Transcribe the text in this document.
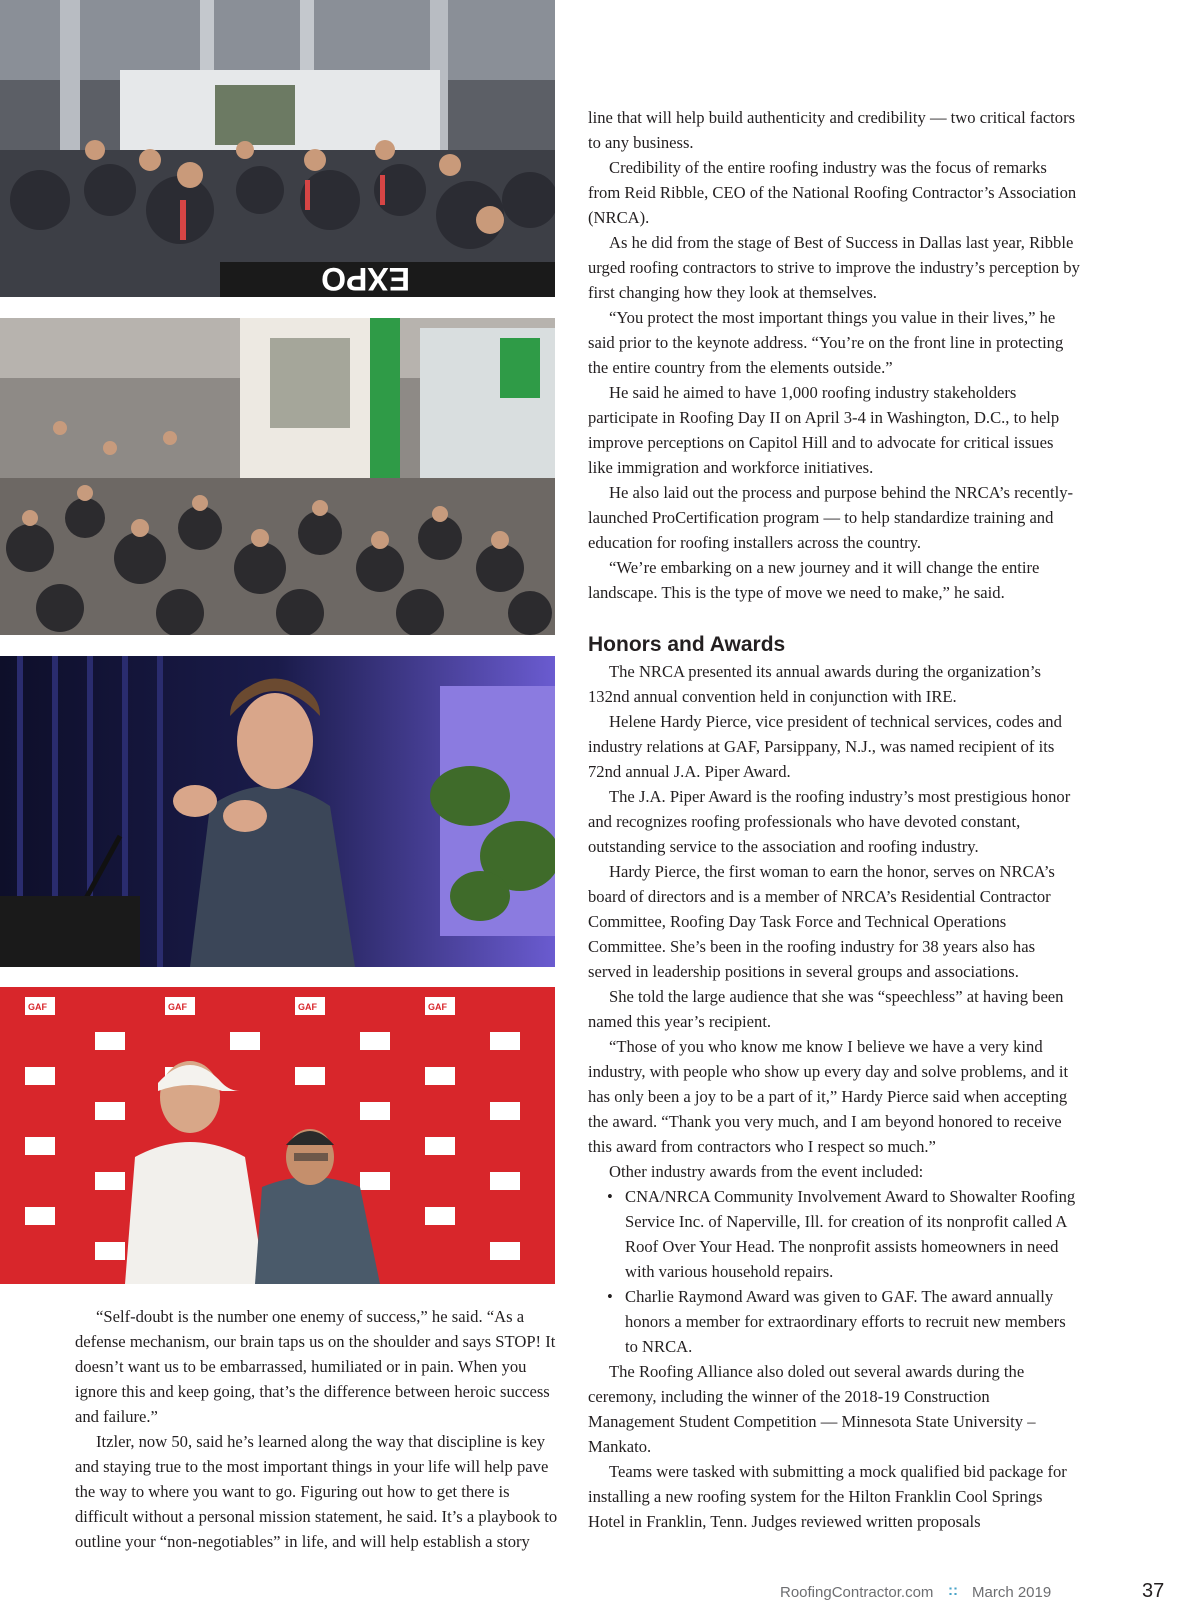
EXPO
GAF	GAF	GAF	GAF

“Self-doubt is the number one enemy of success,” he said. “As a defense mechanism, our brain taps us on the shoulder and says STOP! It doesn’t want us to be embarrassed, humiliated or in pain. When you ignore this and keep going, that’s the difference between heroic success and failure.”

Itzler, now 50, said he’s learned along the way that discipline is key and staying true to the most important things in your life will help pave the way to where you want to go. Figuring out how to get there is difficult without a personal mission statement, he said. It’s a playbook to outline your “non-negotiables” in life, and will help establish a story

line that will help build authenticity and credibility — two critical factors to any business.

Credibility of the entire roofing industry was the focus of remarks from Reid Ribble, CEO of the National Roofing Contractor’s Association (NRCA).

As he did from the stage of Best of Success in Dallas last year, Ribble urged roofing contractors to strive to improve the industry’s perception by first changing how they look at themselves.

“You protect the most important things you value in their lives,” he said prior to the keynote address. “You’re on the front line in protecting the entire country from the elements outside.”

He said he aimed to have 1,000 roofing industry stakeholders participate in Roofing Day II on April 3-4 in Washington, D.C., to help improve perceptions on Capitol Hill and to advocate for critical issues like immigration and workforce initiatives.

He also laid out the process and purpose behind the NRCA’s recently-launched ProCertification program — to help standardize training and education for roofing installers across the country.

“We’re embarking on a new journey and it will change the entire landscape. This is the type of move we need to make,” he said.

Honors and Awards

The NRCA presented its annual awards during the organization’s 132nd annual convention held in conjunction with IRE.

Helene Hardy Pierce, vice president of technical services, codes and industry relations at GAF, Parsippany, N.J., was named recipient of its 72nd annual J.A. Piper Award.

The J.A. Piper Award is the roofing industry’s most prestigious honor and recognizes roofing professionals who have devoted constant, outstanding service to the association and roofing industry.

Hardy Pierce, the first woman to earn the honor, serves on NRCA’s board of directors and is a member of NRCA’s Residential Contractor Committee, Roofing Day Task Force and Technical Operations Committee. She’s been in the roofing industry for 38 years also has served in leadership positions in several groups and associations.

She told the large audience that she was “speechless” at having been named this year’s recipient.

“Those of you who know me know I believe we have a very kind industry, with people who show up every day and solve problems, and it has only been a joy to be a part of it,” Hardy Pierce said when accepting the award. “Thank you very much, and I am beyond honored to receive this award from contractors who I respect so much.”

Other industry awards from the event included:

• CNA/NRCA Community Involvement Award to Showalter Roofing Service Inc. of Naperville, Ill. for creation of its nonprofit called A Roof Over Your Head. The nonprofit assists homeowners in need with various household repairs.
• Charlie Raymond Award was given to GAF. The award annually honors a member for extraordinary efforts to recruit new members to NRCA.

The Roofing Alliance also doled out several awards during the ceremony, including the winner of the 2018-19 Construction Management Student Competition — Minnesota State University – Mankato.

Teams were tasked with submitting a mock qualified bid package for installing a new roofing system for the Hilton Franklin Cool Springs Hotel in Franklin, Tenn. Judges reviewed written proposals

RoofingContractor.com :: March 2019	37
